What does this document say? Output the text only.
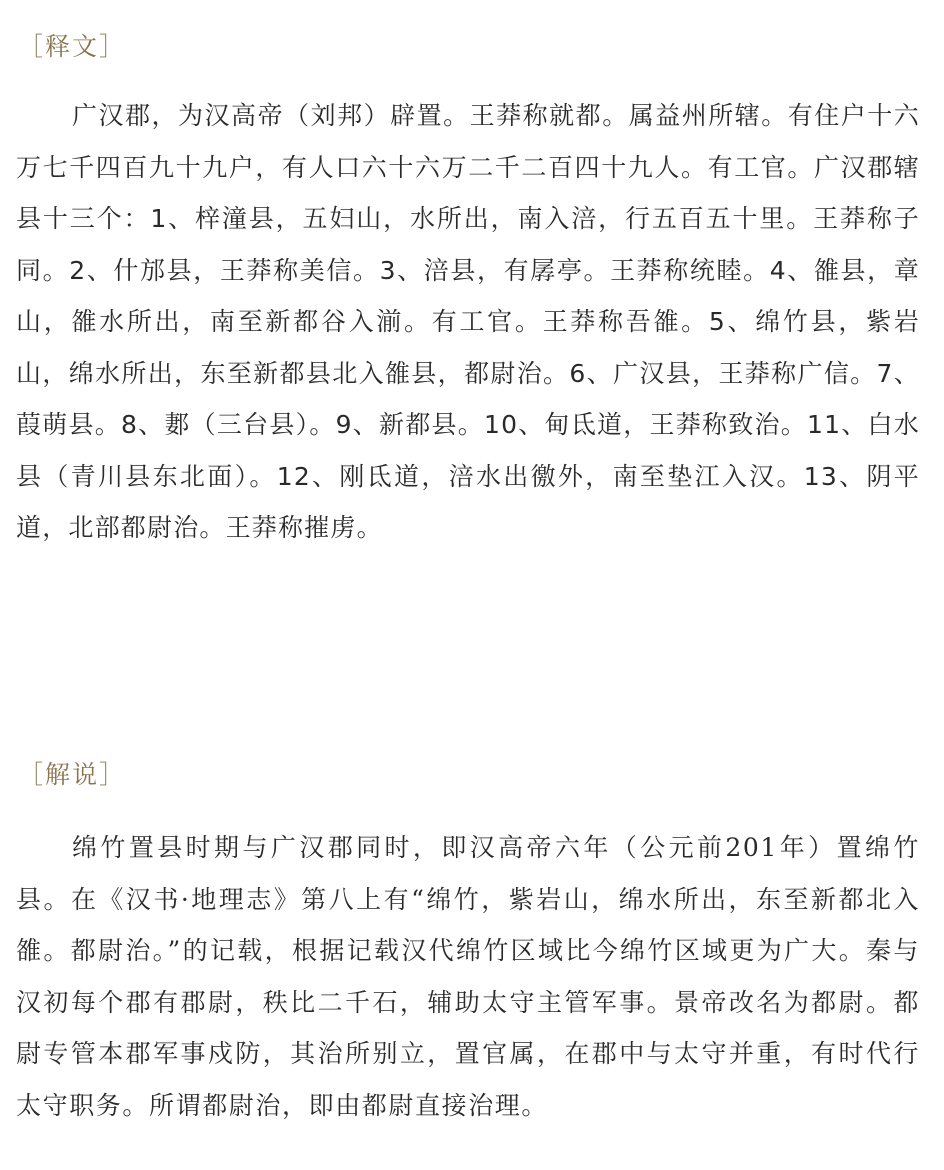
［释文］

广汉郡，为汉高帝（刘邦）辟置。王莽称就都。属益州所辖。有住户十六万七千四百九十九户，有人口六十六万二千二百四十九人。有工官。广汉郡辖县十三个：1、梓潼县，五妇山，水所出，南入涪，行五百五十里。王莽称子同。2、什邡县，王莽称美信。3、涪县，有孱亭。王莽称统睦。4、雒县，章山，雒水所出，南至新都谷入湔。有工官。王莽称吾雒。5、绵竹县，紫岩山，绵水所出，东至新都县北入雒县，都尉治。6、广汉县，王莽称广信。7、葭萌县。8、郪（三台县）。9、新都县。10、甸氐道，王莽称致治。11、白水县（青川县东北面）。12、刚氐道，涪水出徼外，南至垫江入汉。13、阴平道，北部都尉治。王莽称摧虏。

［解说］

绵竹置县时期与广汉郡同时，即汉高帝六年（公元前201年）置绵竹县。在《汉书·地理志》第八上有“绵竹，紫岩山，绵水所出，东至新都北入雒。都尉治。”的记载，根据记载汉代绵竹区域比今绵竹区域更为广大。秦与汉初每个郡有郡尉，秩比二千石，辅助太守主管军事。景帝改名为都尉。都尉专管本郡军事戍防，其治所别立，置官属，在郡中与太守并重，有时代行太守职务。所谓都尉治，即由都尉直接治理。
